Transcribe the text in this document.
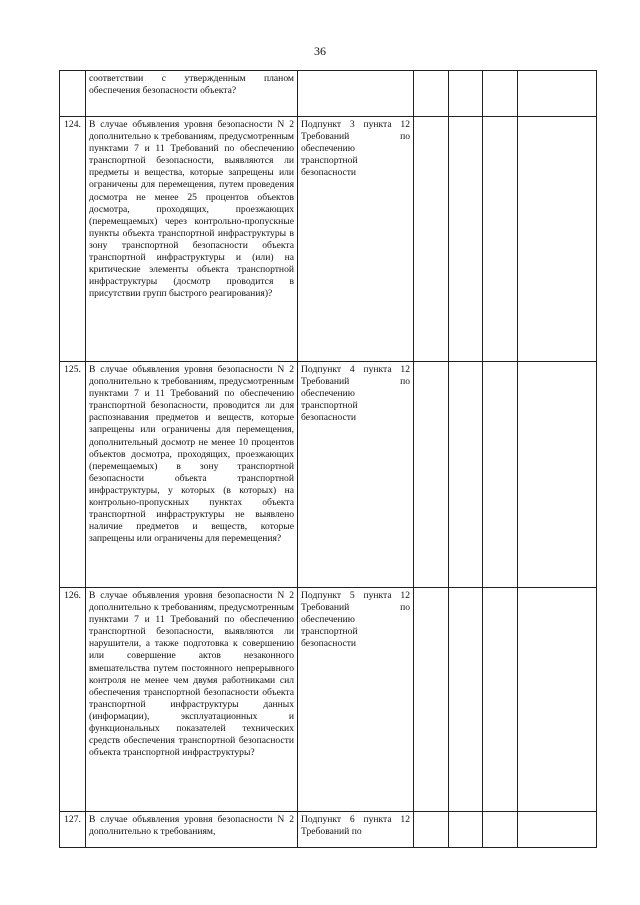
36
	соответствии с утвержденным планом обеспечения безопасности объекта?					
124.	В случае объявления уровня безопасности N 2 дополнительно к требованиям, предусмотренным пунктами 7 и 11 Требований по обеспечению транспортной безопасности, выявляются ли предметы и вещества, которые запрещены или ограничены для перемещения, путем проведения досмотра не менее 25 процентов объектов досмотра, проходящих, проезжающих (перемещаемых) через контрольно-пропускные пункты объекта транспортной инфраструктуры в зону транспортной безопасности объекта транспортной инфраструктуры и (или) на критические элементы объекта транспортной инфраструктуры (досмотр проводится в присутствии групп быстрого реагирования)?	Подпункт 3 пункта 12 Требований по обеспечению транспортной безопасности				
125.	В случае объявления уровня безопасности N 2 дополнительно к требованиям, предусмотренным пунктами 7 и 11 Требований по обеспечению транспортной безопасности, проводится ли для распознавания предметов и веществ, которые запрещены или ограничены для перемещения, дополнительный досмотр не менее 10 процентов объектов досмотра, проходящих, проезжающих (перемещаемых) в зону транспортной безопасности объекта транспортной инфраструктуры, у которых (в которых) на контрольно-пропускных пунктах объекта транспортной инфраструктуры не выявлено наличие предметов и веществ, которые запрещены или ограничены для перемещения?	Подпункт 4 пункта 12 Требований по обеспечению транспортной безопасности				
126.	В случае объявления уровня безопасности N 2 дополнительно к требованиям, предусмотренным пунктами 7 и 11 Требований по обеспечению транспортной безопасности, выявляются ли нарушители, а также подготовка к совершению или совершение актов незаконного вмешательства путем постоянного непрерывного контроля не менее чем двумя работниками сил обеспечения транспортной безопасности объекта транспортной инфраструктуры данных (информации), эксплуатационных и функциональных показателей технических средств обеспечения транспортной безопасности объекта транспортной инфраструктуры?	Подпункт 5 пункта 12 Требований по обеспечению транспортной безопасности				
127.	В случае объявления уровня безопасности N 2 дополнительно к требованиям,	Подпункт 6 пункта 12 Требований по				
